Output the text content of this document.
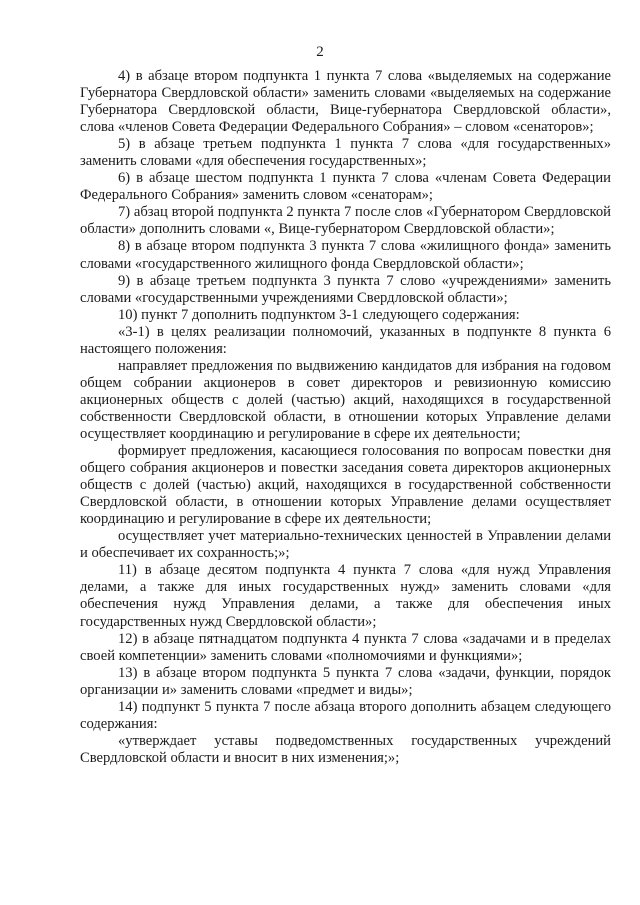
2

4) в абзаце втором подпункта 1 пункта 7 слова «выделяемых на содержание Губернатора Свердловской области» заменить словами «выделяемых на содержание Губернатора Свердловской области, Вице-губернатора Свердловской области», слова «членов Совета Федерации Федерального Собрания» – словом «сенаторов»;

5) в абзаце третьем подпункта 1 пункта 7 слова «для государственных» заменить словами «для обеспечения государственных»;

6) в абзаце шестом подпункта 1 пункта 7 слова «членам Совета Федерации Федерального Собрания» заменить словом «сенаторам»;

7) абзац второй подпункта 2 пункта 7 после слов «Губернатором Свердловской области» дополнить словами «, Вице-губернатором Свердловской области»;

8) в абзаце втором подпункта 3 пункта 7 слова «жилищного фонда» заменить словами «государственного жилищного фонда Свердловской области»;

9) в абзаце третьем подпункта 3 пункта 7 слово «учреждениями» заменить словами «государственными учреждениями Свердловской области»;

10) пункт 7 дополнить подпунктом 3-1 следующего содержания:

«3-1) в целях реализации полномочий, указанных в подпункте 8 пункта 6 настоящего положения:

направляет предложения по выдвижению кандидатов для избрания на годовом общем собрании акционеров в совет директоров и ревизионную комиссию акционерных обществ с долей (частью) акций, находящихся в государственной собственности Свердловской области, в отношении которых Управление делами осуществляет координацию и регулирование в сфере их деятельности;

формирует предложения, касающиеся голосования по вопросам повестки дня общего собрания акционеров и повестки заседания совета директоров акционерных обществ с долей (частью) акций, находящихся в государственной собственности Свердловской области, в отношении которых Управление делами осуществляет координацию и регулирование в сфере их деятельности;

осуществляет учет материально-технических ценностей в Управлении делами и обеспечивает их сохранность;»;

11) в абзаце десятом подпункта 4 пункта 7 слова «для нужд Управления делами, а также для иных государственных нужд» заменить словами «для обеспечения нужд Управления делами, а также для обеспечения иных государственных нужд Свердловской области»;

12) в абзаце пятнадцатом подпункта 4 пункта 7 слова «задачами и в пределах своей компетенции» заменить словами «полномочиями и функциями»;

13) в абзаце втором подпункта 5 пункта 7 слова «задачи, функции, порядок организации и» заменить словами «предмет и виды»;

14) подпункт 5 пункта 7 после абзаца второго дополнить абзацем следующего содержания:

«утверждает уставы подведомственных государственных учреждений Свердловской области и вносит в них изменения;»;
